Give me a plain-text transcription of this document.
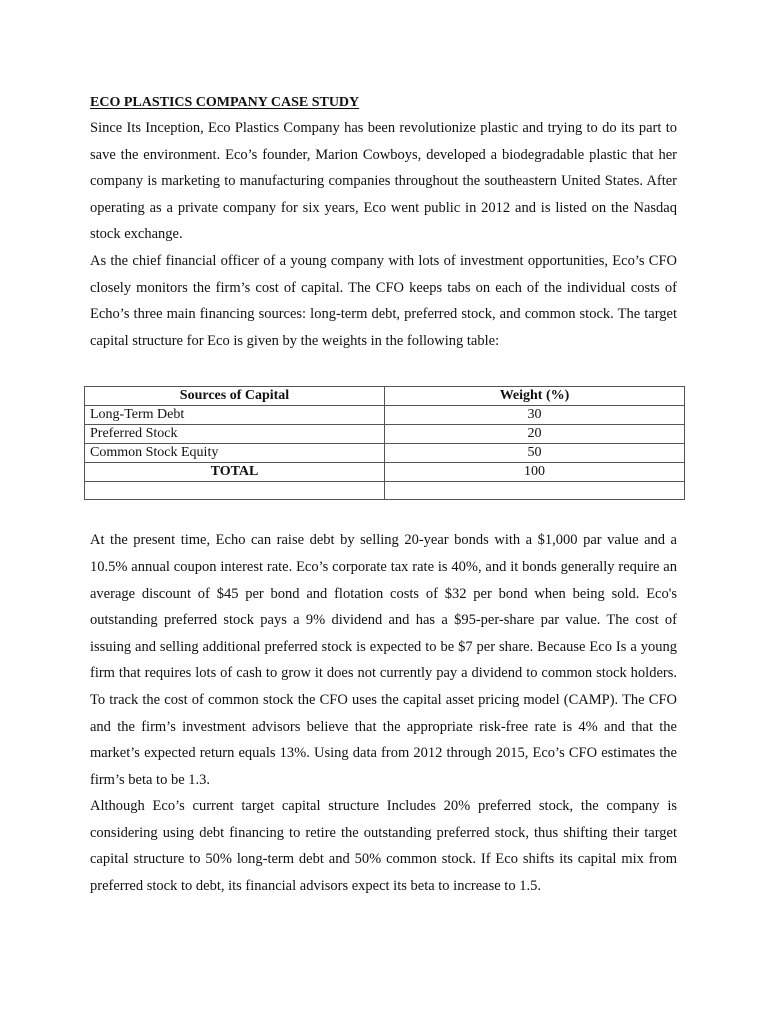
ECO PLASTICS COMPANY CASE STUDY

Since Its Inception, Eco Plastics Company has been revolutionize plastic and trying to do its part to save the environment. Eco’s founder, Marion Cowboys, developed a biodegradable plastic that her company is marketing to manufacturing companies throughout the southeastern United States. After operating as a private company for six years, Eco went public in 2012 and is listed on the Nasdaq stock exchange.

As the chief financial officer of a young company with lots of investment opportunities, Eco’s CFO closely monitors the firm’s cost of capital. The CFO keeps tabs on each of the individual costs of Echo’s three main financing sources: long-term debt, preferred stock, and common stock. The target capital structure for Eco is given by the weights in the following table:

Sources of Capital	Weight (%)
Long-Term Debt	30
Preferred Stock	20
Common Stock Equity	50
TOTAL	100

At the present time, Echo can raise debt by selling 20-year bonds with a $1,000 par value and a 10.5% annual coupon interest rate. Eco’s corporate tax rate is 40%, and it bonds generally require an average discount of $45 per bond and flotation costs of $32 per bond when being sold. Eco's outstanding preferred stock pays a 9% dividend and has a $95-per-share par value. The cost of issuing and selling additional preferred stock is expected to be $7 per share. Because Eco Is a young firm that requires lots of cash to grow it does not currently pay a dividend to common stock holders. To track the cost of common stock the CFO uses the capital asset pricing model (CAMP). The CFO and the firm’s investment advisors believe that the appropriate risk-free rate is 4% and that the market’s expected return equals 13%. Using data from 2012 through 2015, Eco’s CFO estimates the firm’s beta to be 1.3.

Although Eco’s current target capital structure Includes 20% preferred stock, the company is considering using debt financing to retire the outstanding preferred stock, thus shifting their target capital structure to 50% long-term debt and 50% common stock. If Eco shifts its capital mix from preferred stock to debt, its financial advisors expect its beta to increase to 1.5.
